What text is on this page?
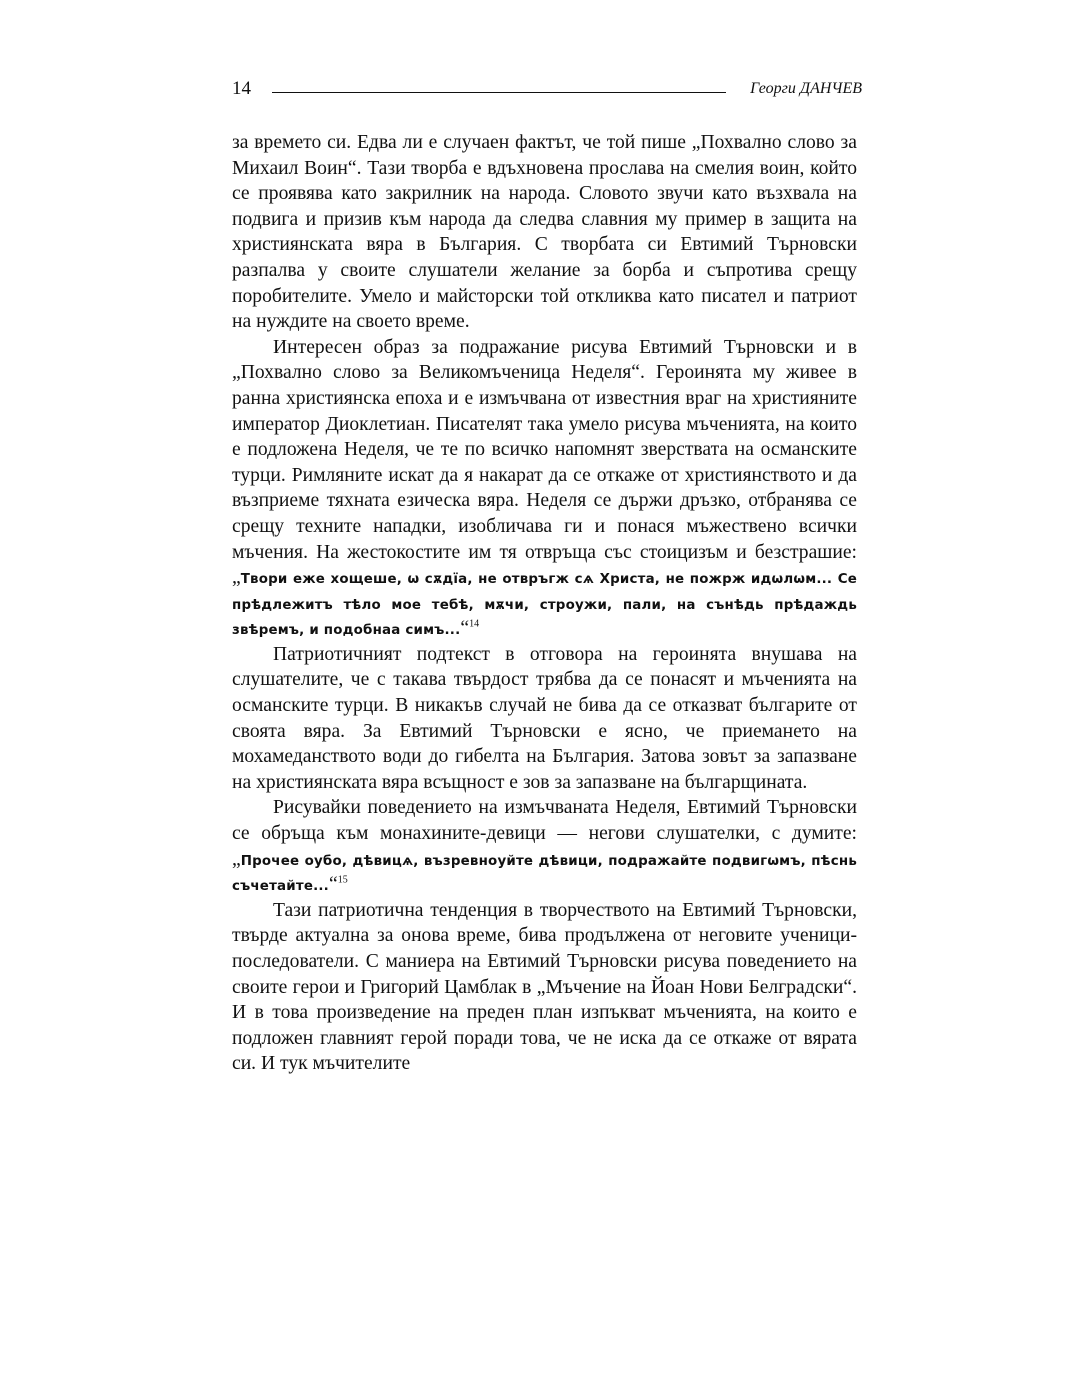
14	Георги ДАНЧЕВ

за времето си. Едва ли е случаен фактът, че той пише „Похвално слово за Михаил Воин“. Тази творба е вдъхновена прослава на смелия воин, който се проявява като закрилник на народа. Словото звучи като възхвала на подвига и призив към народа да следва славния му пример в защита на християнската вяра в България. С творбата си Евтимий Търновски разпалва у своите слушатели желание за борба и съпротива срещу поробителите. Умело и майсторски той откликва като писател и патриот на нуждите на своето време.

Интересен образ за подражание рисува Евтимий Търновски и в „Похвално слово за Великомъченица Неделя“. Героинята му живее в ранна християнска епоха и е измъчвана от известния враг на християните император Диоклетиан. Писателят така умело рисува мъченията, на които е подложена Неделя, че те по всичко напомнят зверствата на османските турци. Римляните искат да я накарат да се откаже от християнството и да възприеме тяхната езическа вяра. Неделя се държи дръзко, отбранява се срещу техните нападки, изобличава ги и понася мъжествено всички мъчения. На жестокостите им тя отвръща със стоицизъм и безстрашие: „Твори еже хощеше, ѡ сѫдїа, не отвръгж сѧ Христа, не пожрж идѡлѡм... Се прѣдлежитъ тѣло мое тебѣ, мѫчи, строужи, пали, на сънѣдь прѣдаждь звѣремъ, и подобнаа симъ...“$^{14}$

Патриотичният подтекст в отговора на героинята внушава на слушателите, че с такава твърдост трябва да се понасят и мъченията на османските турци. В никакъв случай не бива да се отказват българите от своята вяра. За Евтимий Търновски е ясно, че приемането на мохамеданството води до гибелта на България. Затова зовът за запазване на християнската вяра всъщност е зов за запазване на българщината.

Рисувайки поведението на измъчваната Неделя, Евтимий Търновски се обръща към монахините-девици — негови слушателки, с думите: „Прочее оубо, дѣвицѧ, възревноуйте дѣвици, подражайте подвигѡмъ, пѣснь съчетайте...“$^{15}$

Тази патриотична тенденция в творчеството на Евтимий Търновски, твърде актуална за онова време, бива продължена от неговите ученици-последователи. С маниера на Евтимий Търновски рисува поведението на своите герои и Григорий Цамблак в „Мъчение на Йоан Нови Белградски“. И в това произведение на преден план изпъкват мъченията, на които е подложен главният герой поради това, че не иска да се откаже от вярата си. И тук мъчителите
